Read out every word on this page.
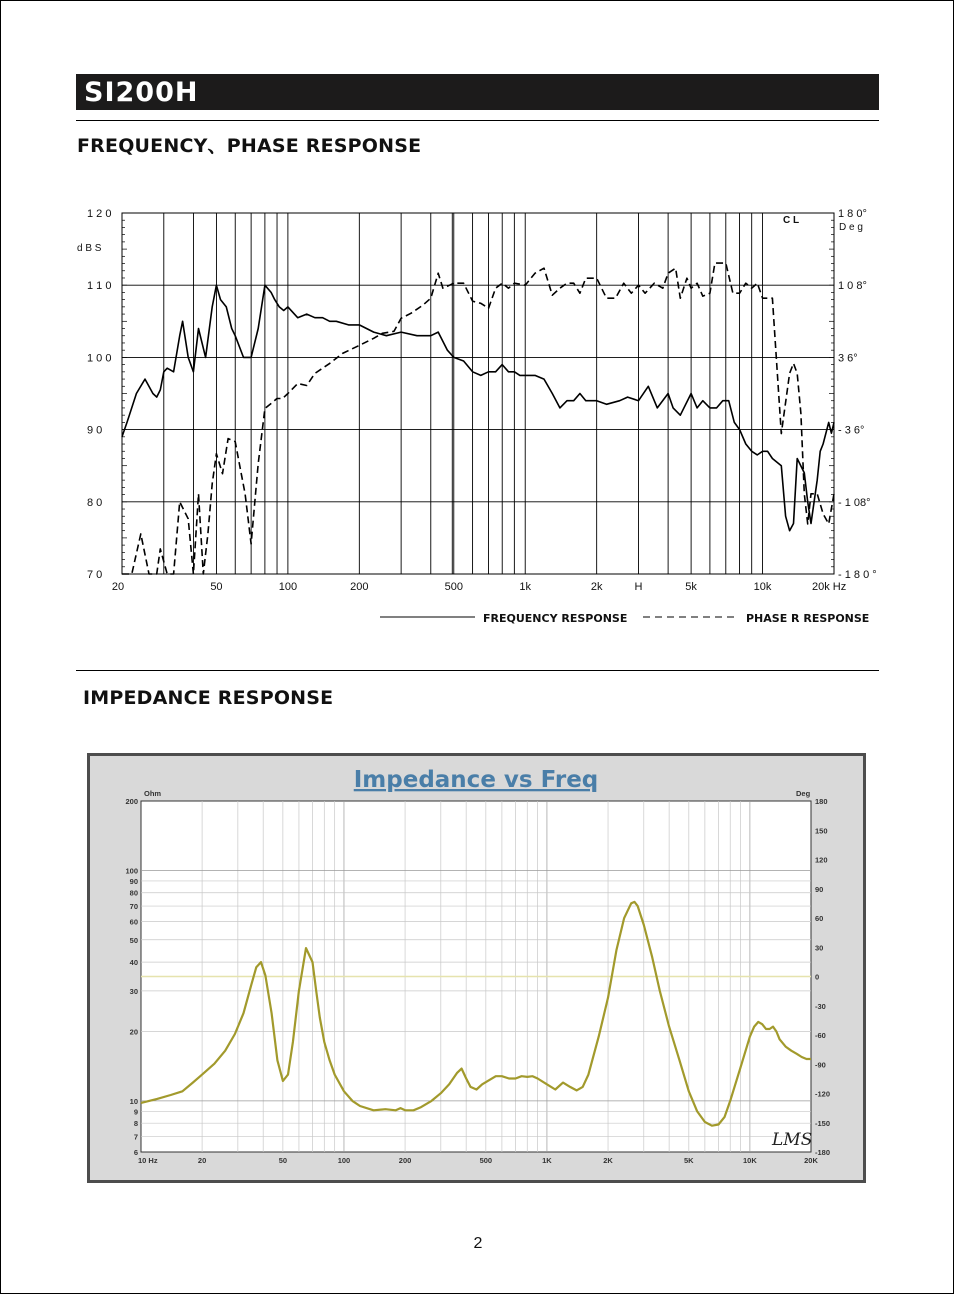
SI200H
FREQUENCY、PHASE RESPONSE
1 2 0
1 1 0
1 0 0
9 0
8 0
7 0
1 8 0°
1 0 8°
3 6°
- 3 6°
- 1 08°
- 1 8 0 °
d B S
D e g
C L
20	50	100	200	500	1k	2k	H	5k	10k	20k Hz
FREQUENCY RESPONSE	PHASE R RESPONSE
IMPEDANCE RESPONSE
Impedance vs Freq
Ohm	Deg
200
100
90
80
70
60
50
40
30
20
10
9
8
7
6
180
150
120
90
60
30
0
-30
-60
-90
-120
-150
-180
10 Hz	20	50	100	200	500	1K	2K	5K	10K	20K
LMS
2
